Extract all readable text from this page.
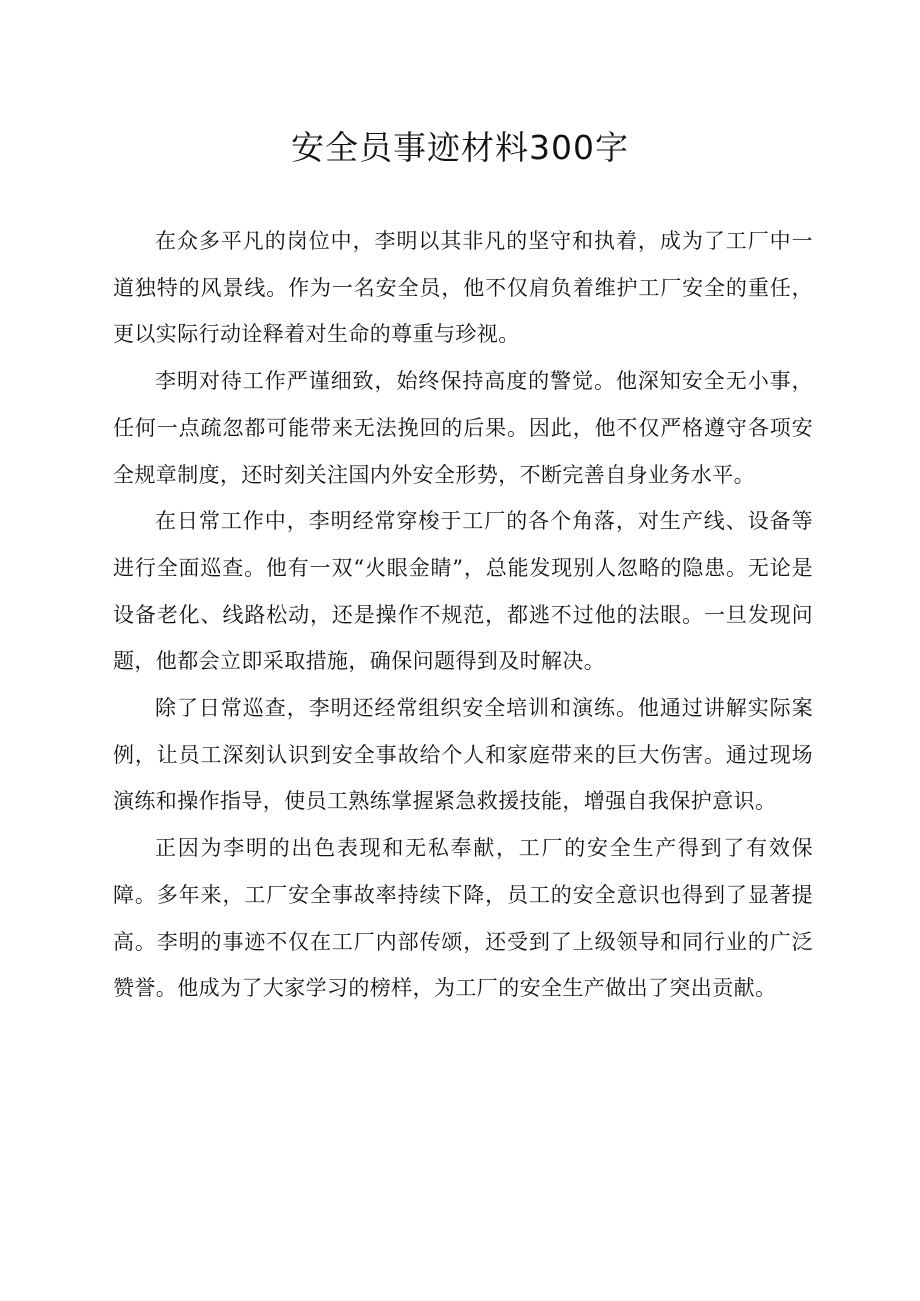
安全员事迹材料300字

在众多平凡的岗位中，李明以其非凡的坚守和执着，成为了工厂中一道独特的风景线。作为一名安全员，他不仅肩负着维护工厂安全的重任，更以实际行动诠释着对生命的尊重与珍视。

李明对待工作严谨细致，始终保持高度的警觉。他深知安全无小事，任何一点疏忽都可能带来无法挽回的后果。因此，他不仅严格遵守各项安全规章制度，还时刻关注国内外安全形势，不断完善自身业务水平。

在日常工作中，李明经常穿梭于工厂的各个角落，对生产线、设备等进行全面巡查。他有一双“火眼金睛”，总能发现别人忽略的隐患。无论是设备老化、线路松动，还是操作不规范，都逃不过他的法眼。一旦发现问题，他都会立即采取措施，确保问题得到及时解决。

除了日常巡查，李明还经常组织安全培训和演练。他通过讲解实际案例，让员工深刻认识到安全事故给个人和家庭带来的巨大伤害。通过现场演练和操作指导，使员工熟练掌握紧急救援技能，增强自我保护意识。

正因为李明的出色表现和无私奉献，工厂的安全生产得到了有效保障。多年来，工厂安全事故率持续下降，员工的安全意识也得到了显著提高。李明的事迹不仅在工厂内部传颂，还受到了上级领导和同行业的广泛赞誉。他成为了大家学习的榜样，为工厂的安全生产做出了突出贡献。
